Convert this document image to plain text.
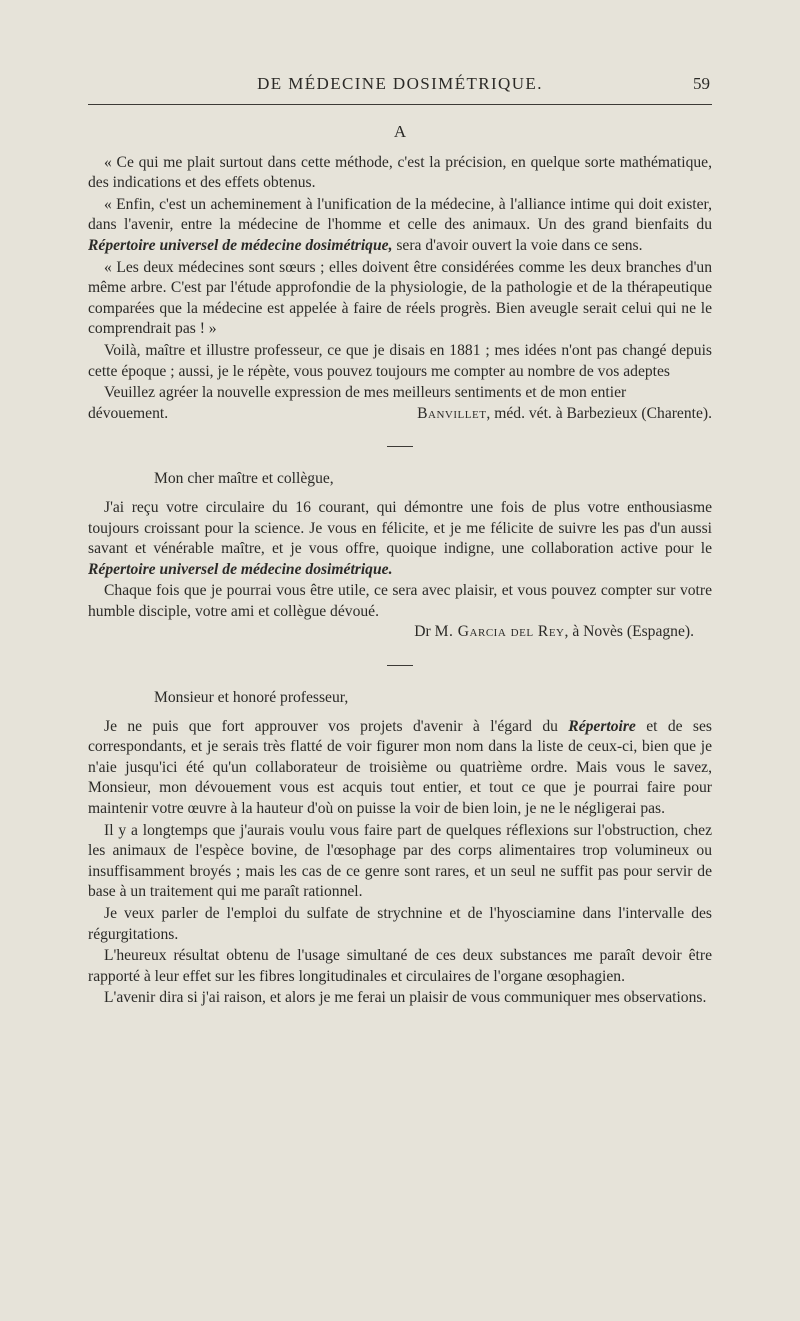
DE MÉDECINE DOSIMÉTRIQUE.	59
A

« Ce qui me plait surtout dans cette méthode, c'est la précision, en quelque sorte mathématique, des indications et des effets obtenus.

« Enfin, c'est un acheminement à l'unification de la médecine, à l'alliance intime qui doit exister, dans l'avenir, entre la médecine de l'homme et celle des animaux. Un des grand bienfaits du Répertoire universel de médecine dosimétrique, sera d'avoir ouvert la voie dans ce sens.

« Les deux médecines sont sœurs ; elles doivent être considérées comme les deux branches d'un même arbre. C'est par l'étude approfondie de la physiologie, de la pathologie et de la thérapeutique comparées que la médecine est appelée à faire de réels progrès. Bien aveugle serait celui qui ne le comprendrait pas ! »

Voilà, maître et illustre professeur, ce que je disais en 1881 ; mes idées n'ont pas changé depuis cette époque ; aussi, je le répète, vous pouvez toujours me compter au nombre de vos adeptes

Veuillez agréer la nouvelle expression de mes meilleurs sentiments et de mon entier

dévouement.	Banvillet, méd. vét. à Barbezieux (Charente).
Mon cher maître et collègue,

J'ai reçu votre circulaire du 16 courant, qui démontre une fois de plus votre enthousiasme toujours croissant pour la science. Je vous en félicite, et je me félicite de suivre les pas d'un aussi savant et vénérable maître, et je vous offre, quoique indigne, une collaboration active pour le Répertoire universel de médecine dosimétrique.

Chaque fois que je pourrai vous être utile, ce sera avec plaisir, et vous pouvez compter sur votre humble disciple, votre ami et collègue dévoué.

Dr M. Garcia del Rey, à Novès (Espagne).
Monsieur et honoré professeur,

Je ne puis que fort approuver vos projets d'avenir à l'égard du Répertoire et de ses correspondants, et je serais très flatté de voir figurer mon nom dans la liste de ceux-ci, bien que je n'aie jusqu'ici été qu'un collaborateur de troisième ou quatrième ordre. Mais vous le savez, Monsieur, mon dévouement vous est acquis tout entier, et tout ce que je pourrai faire pour maintenir votre œuvre à la hauteur d'où on puisse la voir de bien loin, je ne le négligerai pas.

Il y a longtemps que j'aurais voulu vous faire part de quelques réflexions sur l'obstruction, chez les animaux de l'espèce bovine, de l'œsophage par des corps alimentaires trop volumineux ou insuffisamment broyés ; mais les cas de ce genre sont rares, et un seul ne suffit pas pour servir de base à un traitement qui me paraît rationnel.

Je veux parler de l'emploi du sulfate de strychnine et de l'hyosciamine dans l'intervalle des régurgitations.

L'heureux résultat obtenu de l'usage simultané de ces deux substances me paraît devoir être rapporté à leur effet sur les fibres longitudinales et circulaires de l'organe œsophagien.

L'avenir dira si j'ai raison, et alors je me ferai un plaisir de vous communiquer mes observations.
